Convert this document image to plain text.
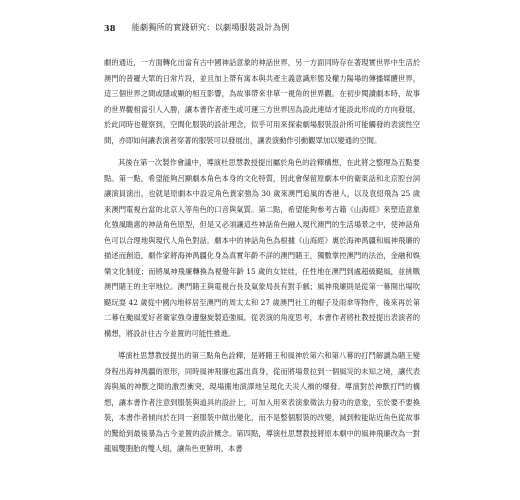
38 能劇獨所的實踐研究：以劇場服裝設計為例

劇的通近，一方面轉化出當有古中國神話意象的神話世界，另一方面同時存在著現實世界中生活於澳門的普羅大眾的日常片段，並且加上帶有寓本與共產主義意識形態及權力陽場的傳播媒體世界，這三個世界之間或隱或顯的相互影響，為故事帶來非單一視角的世界觀。在初步閱讀劇本時，故事的世界觀相當引人入勝，讓本書作者產生或可運三方世界因為設此連結才能設此形成的方向發展，於此同時也覺察到，空間化服裝的設計理念，似乎可用來探索劇場服裝設計所可能觸發的表演性空間，亦即如何讓表演者穿著的服裝可以發展出，讓表演動作引動觀眾加以變通的空間。

其後在第一次製作會議中，導演杜思慧教授提出屬於角色的詮釋構想，在此將之整理為五點要點。第一點，希望能夠呂顯劇本角色本身的文化特質，因此會保留原劇本中的衛東話和北京腔台詞讓演員演出，也就是原劇本中設定角色貴家強為 30 歲來澳門追風的香港人，以及袁紹飛為 25 歲來澳門電視台當的北京人等角色的口音與氣質。第二點，希望能夠參考古籍《山海經》來塑造意象化強風瞻惠的神話角色原型，但是又必須讓這些神話角色融入現代澳門的生活場景之中，使神話角色可以合理地與現代人角色對話。劇本中的神話角色為根據《山海經》裏於海神禺疆和風神飛廉的描述而創造，劇作家將海神禺疆化身為真實年齡不詳的澳門賭王，獨數掌控澳門的法治，金融和娛樂文化制度；而將風神飛廉轉換為視覺年齡 15 歲的女娃娃，任性地在澳門到處超級颳風，並挑戰澳門賭王的主宰地位。澳門賭王與電視台長及氣象局長有對手戲；風神飛廉則是從第一幕開出場吹颳玩耍 42 歲從中國內地移居至澳門的周太太和 27 歲澳門社工的帽子及雨傘等物件，後來再於第二幕在颱風愛好者衛家強身邊盤旋製造強風。從表演的角度思考，本書作者將杜教授提出表演者的構想，將設計往古今並置的可能性推進。

導演杜思慧教授提出的第三點角色詮釋，是將賭王和風神於第六和第八幕的打鬥解讀為賭王變身程出海神禺疆的原形，同時風神飛廉也露出真身，從而將場景拉到一個風災的未知之境，讓代表海與風的神獸之間的激烈衝突，現場搬地演譯地呈現化天災人禍的爆發。導演對於神獸打鬥的構想，讓本書作者注意到服裝與道具的設計上，可加入用來表演象徵法力發功的意象，至於要不要換裝，本書作者傾向於在同一套服裝中做出變化，而不是整個服裝的改變，減到較能貼近角色從故事的驚給到最後暴為古今並置的設計概念。第四點，導演杜思慧教授將原本劇中的風神飛廉改為一對龍風雙胞胎的雙人組，讓角色更鮮明，本書
